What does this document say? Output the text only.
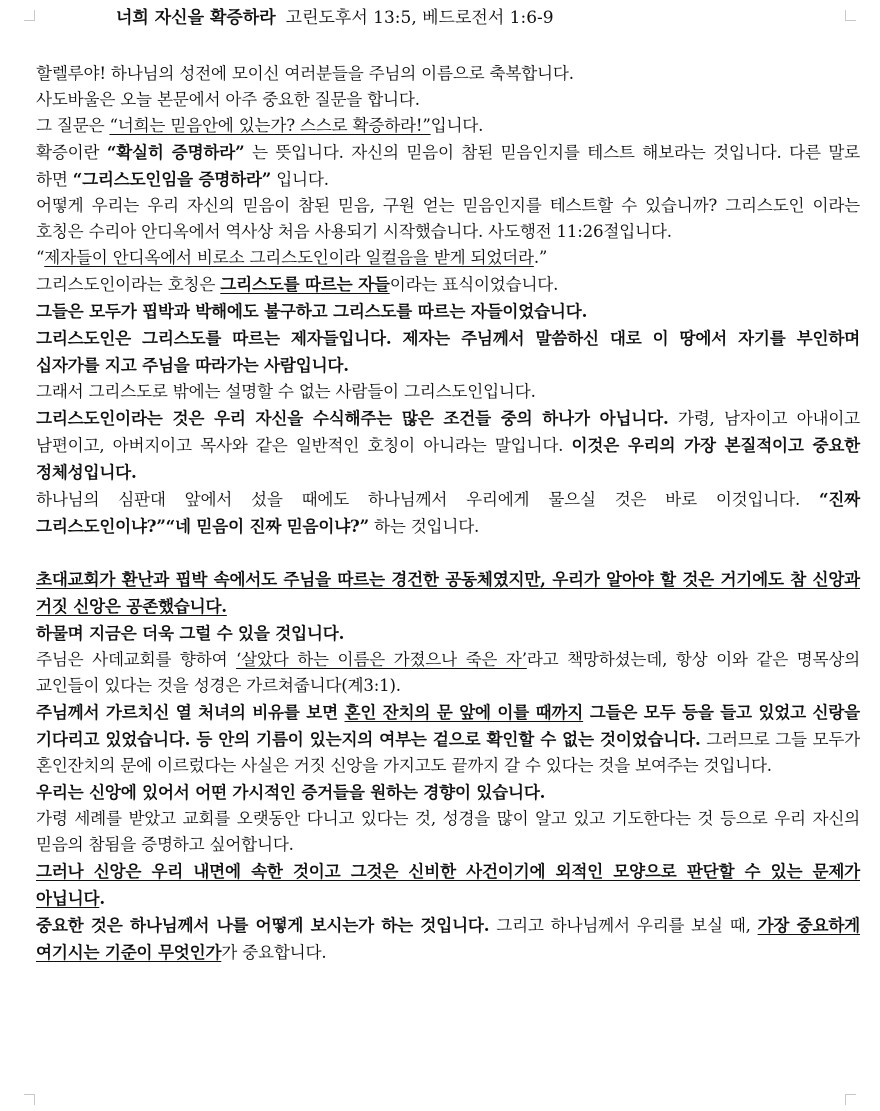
너희 자신을 확증하라 고린도후서 13:5, 베드로전서 1:6-9

할렐루야! 하나님의 성전에 모이신 여러분들을 주님의 이름으로 축복합니다.

사도바울은 오늘 본문에서 아주 중요한 질문을 합니다.

그 질문은 “너희는 믿음안에 있는가? 스스로 확증하라!”입니다.

확증이란 “확실히 증명하라” 는 뜻입니다. 자신의 믿음이 참된 믿음인지를 테스트 해보라는 것입니다. 다른 말로 하면 “그리스도인임을 증명하라” 입니다.

어떻게 우리는 우리 자신의 믿음이 참된 믿음, 구원 얻는 믿음인지를 테스트할 수 있습니까? 그리스도인 이라는 호칭은 수리아 안디옥에서 역사상 처음 사용되기 시작했습니다. 사도행전 11:26절입니다.

“제자들이 안디옥에서 비로소 그리스도인이라 일컬음을 받게 되었더라.”

그리스도인이라는 호칭은 그리스도를 따르는 자들이라는 표식이었습니다.

그들은 모두가 핍박과 박해에도 불구하고 그리스도를 따르는 자들이었습니다.

그리스도인은 그리스도를 따르는 제자들입니다. 제자는 주님께서 말씀하신 대로 이 땅에서 자기를 부인하며 십자가를 지고 주님을 따라가는 사람입니다.

그래서 그리스도로 밖에는 설명할 수 없는 사람들이 그리스도인입니다.

그리스도인이라는 것은 우리 자신을 수식해주는 많은 조건들 중의 하나가 아닙니다. 가령, 남자이고 아내이고 남편이고, 아버지이고 목사와 같은 일반적인 호칭이 아니라는 말입니다. 이것은 우리의 가장 본질적이고 중요한 정체성입니다.

하나님의 심판대 앞에서 섰을 때에도 하나님께서 우리에게 물으실 것은 바로 이것입니다. “진짜 그리스도인이냐?”“네 믿음이 진짜 믿음이냐?” 하는 것입니다.

초대교회가 환난과 핍박 속에서도 주님을 따르는 경건한 공동체였지만, 우리가 알아야 할 것은 거기에도 참 신앙과 거짓 신앙은 공존했습니다.

하물며 지금은 더욱 그럴 수 있을 것입니다.

주님은 사데교회를 향하여 ‘살았다 하는 이름은 가졌으나 죽은 자’라고 책망하셨는데, 항상 이와 같은 명목상의 교인들이 있다는 것을 성경은 가르쳐줍니다(계3:1).

주님께서 가르치신 열 처녀의 비유를 보면 혼인 잔치의 문 앞에 이를 때까지 그들은 모두 등을 들고 있었고 신랑을 기다리고 있었습니다. 등 안의 기름이 있는지의 여부는 겉으로 확인할 수 없는 것이었습니다. 그러므로 그들 모두가 혼인잔치의 문에 이르렀다는 사실은 거짓 신앙을 가지고도 끝까지 갈 수 있다는 것을 보여주는 것입니다.

우리는 신앙에 있어서 어떤 가시적인 증거들을 원하는 경향이 있습니다.

가령 세례를 받았고 교회를 오랫동안 다니고 있다는 것, 성경을 많이 알고 있고 기도한다는 것 등으로 우리 자신의 믿음의 참됨을 증명하고 싶어합니다.

그러나 신앙은 우리 내면에 속한 것이고 그것은 신비한 사건이기에 외적인 모양으로 판단할 수 있는 문제가 아닙니다.

중요한 것은 하나님께서 나를 어떻게 보시는가 하는 것입니다. 그리고 하나님께서 우리를 보실 때, 가장 중요하게 여기시는 기준이 무엇인가가 중요합니다.
